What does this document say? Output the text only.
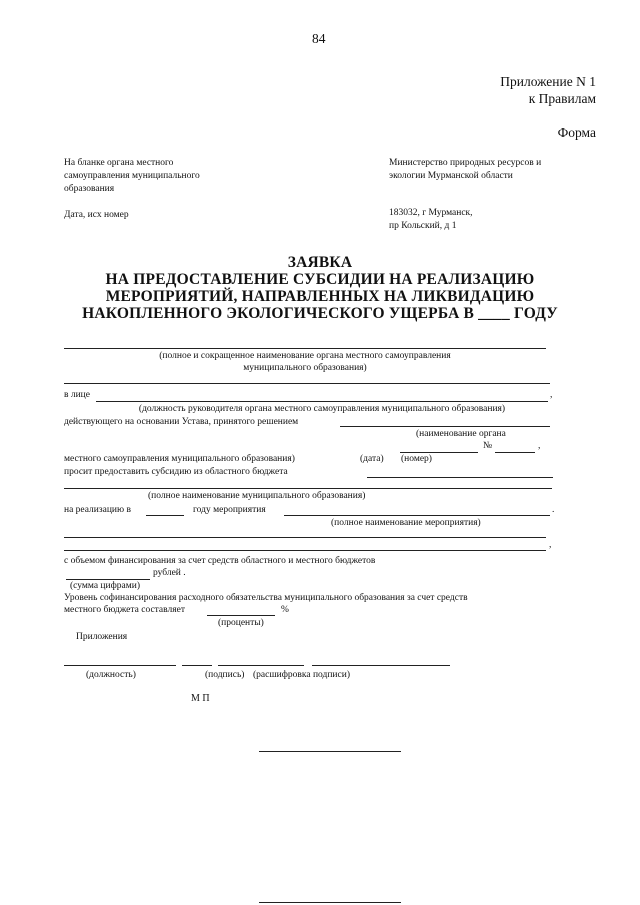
84
Приложение N 1
к Правилам
Форма
На бланке органа местного
самоуправления муниципального
образования
Дата, исх номер
Министерство природных ресурсов и
экологии Мурманской области
183032, г Мурманск,
пр Кольский, д 1
ЗАЯВКА
НА ПРЕДОСТАВЛЕНИЕ СУБСИДИИ НА РЕАЛИЗАЦИЮ
МЕРОПРИЯТИЙ, НАПРАВЛЕННЫХ НА ЛИКВИДАЦИЮ
НАКОПЛЕННОГО ЭКОЛОГИЧЕСКОГО УЩЕРБА В ____ ГОДУ
(полное и сокращенное наименование органа местного самоуправления
муниципального образования)
в лице	,
(должность руководителя органа местного самоуправления муниципального образования)
действующего на основании Устава, принятого решением
(наименование органа
№	,
местного самоуправления муниципального образования)	(дата) (номер)
просит предоставить субсидию из областного бюджета
(полное наименование муниципального образования)
на реализацию в	году мероприятия	.
(полное наименование мероприятия)
,
с объемом финансирования за счет средств областного и местного бюджетов
рублей .
(сумма цифрами)
Уровень софинансирования расходного обязательства муниципального образования за счет средств
местного бюджета составляет	%
(проценты)
Приложения
(должность)	(подпись) (расшифровка подписи)
М П
